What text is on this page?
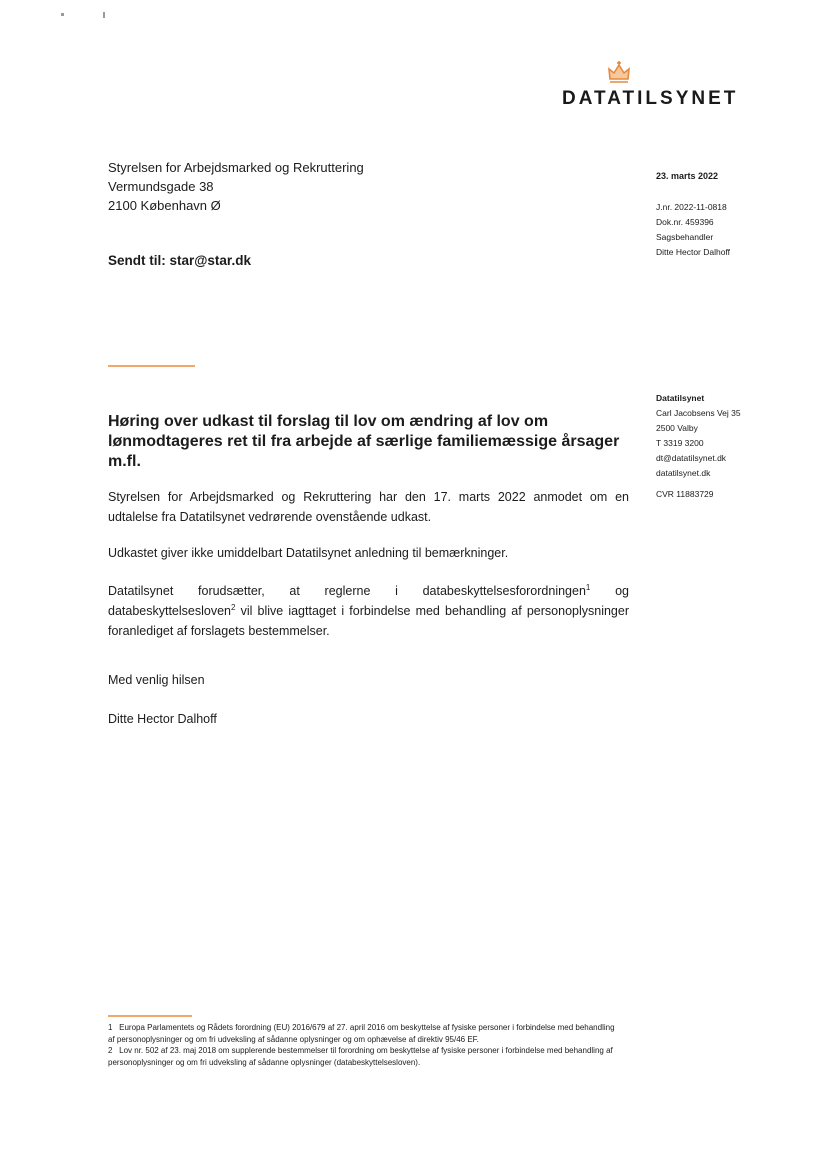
DATATILSYNET
Styrelsen for Arbejdsmarked og Rekruttering
Vermundsgade 38
2100 København Ø
Sendt til: star@star.dk
23. marts 2022
J.nr. 2022-11-0818
Dok.nr. 459396
Sagsbehandler
Ditte Hector Dalhoff
Datatilsynet
Carl Jacobsens Vej 35
2500 Valby
T 3319 3200
dt@datatilsynet.dk
datatilsynet.dk
CVR 11883729
Høring over udkast til forslag til lov om ændring af lov om lønmodtageres ret til fra arbejde af særlige familiemæssige årsager m.fl.
Styrelsen for Arbejdsmarked og Rekruttering har den 17. marts 2022 anmodet om en udtalelse fra Datatilsynet vedrørende ovenstående udkast.
Udkastet giver ikke umiddelbart Datatilsynet anledning til bemærkninger.
Datatilsynet forudsætter, at reglerne i databeskyttelsesforordningen$^1$ og databeskyttelsesloven$^2$ vil blive iagttaget i forbindelse med behandling af personoplysninger foranlediget af forslagets bestemmelser.
Med venlig hilsen
Ditte Hector Dalhoff

1 Europa Parlamentets og Rådets forordning (EU) 2016/679 af 27. april 2016 om beskyttelse af fysiske personer i forbindelse med behandling af personoplysninger og om fri udveksling af sådanne oplysninger og om ophævelse af direktiv 95/46 EF.

2 Lov nr. 502 af 23. maj 2018 om supplerende bestemmelser til forordning om beskyttelse af fysiske personer i forbindelse med behandling af personoplysninger og om fri udveksling af sådanne oplysninger (databeskyttelsesloven).
